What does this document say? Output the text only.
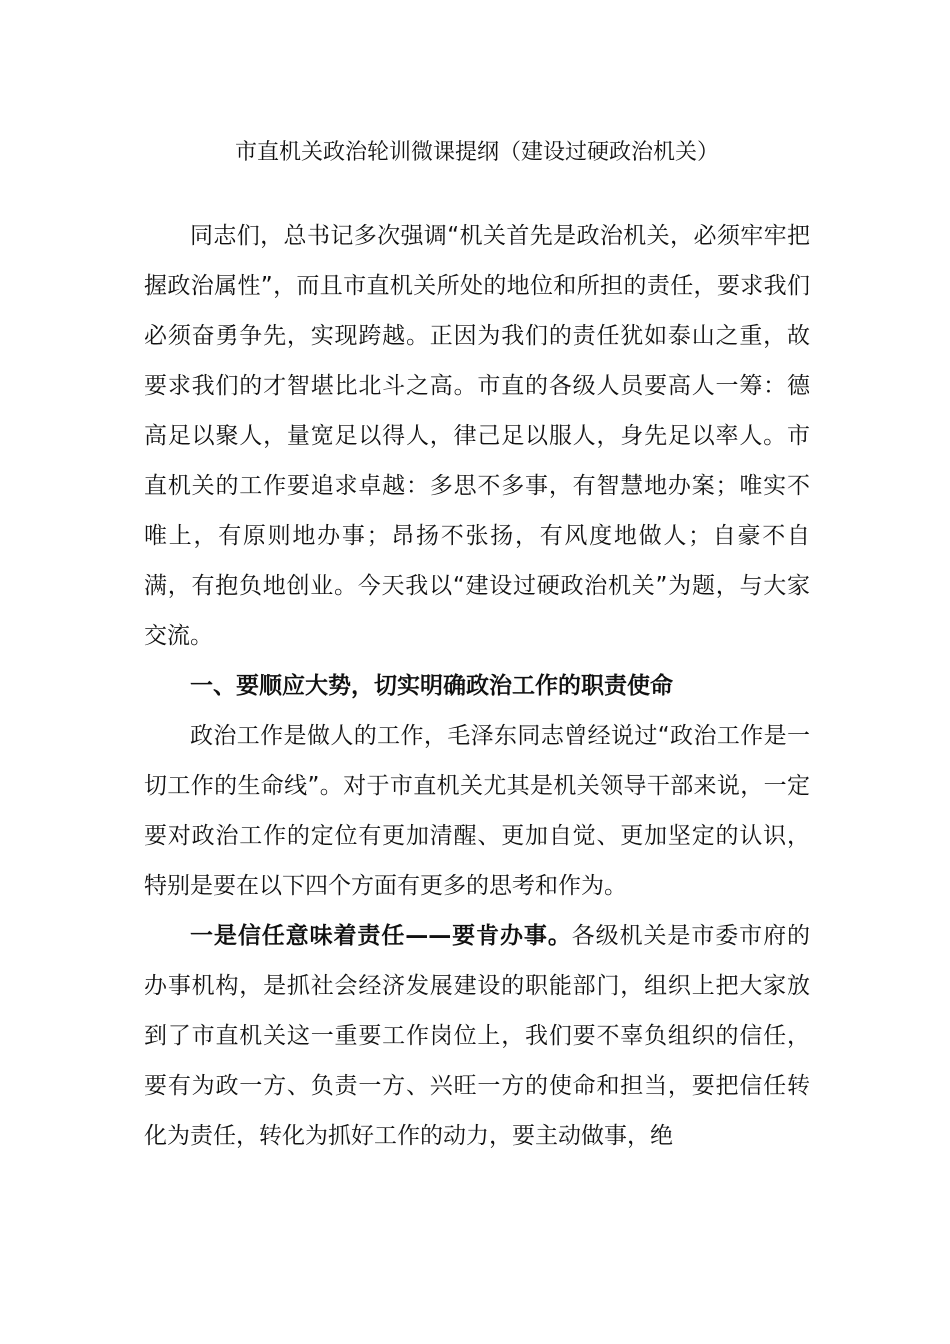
市直机关政治轮训微课提纲（建设过硬政治机关）

同志们，总书记多次强调“机关首先是政治机关，必须牢牢把握政治属性”，而且市直机关所处的地位和所担的责任，要求我们必须奋勇争先，实现跨越。正因为我们的责任犹如泰山之重，故要求我们的才智堪比北斗之高。市直的各级人员要高人一筹：德高足以聚人，量宽足以得人，律己足以服人，身先足以率人。市直机关的工作要追求卓越：多思不多事，有智慧地办案；唯实不唯上，有原则地办事；昂扬不张扬，有风度地做人；自豪不自满，有抱负地创业。今天我以“建设过硬政治机关”为题，与大家交流。

一、要顺应大势，切实明确政治工作的职责使命

政治工作是做人的工作，毛泽东同志曾经说过“政治工作是一切工作的生命线”。对于市直机关尤其是机关领导干部来说，一定要对政治工作的定位有更加清醒、更加自觉、更加坚定的认识，特别是要在以下四个方面有更多的思考和作为。

一是信任意味着责任——要肯办事。各级机关是市委市府的办事机构，是抓社会经济发展建设的职能部门，组织上把大家放到了市直机关这一重要工作岗位上，我们要不辜负组织的信任，要有为政一方、负责一方、兴旺一方的使命和担当，要把信任转化为责任，转化为抓好工作的动力，要主动做事，绝
